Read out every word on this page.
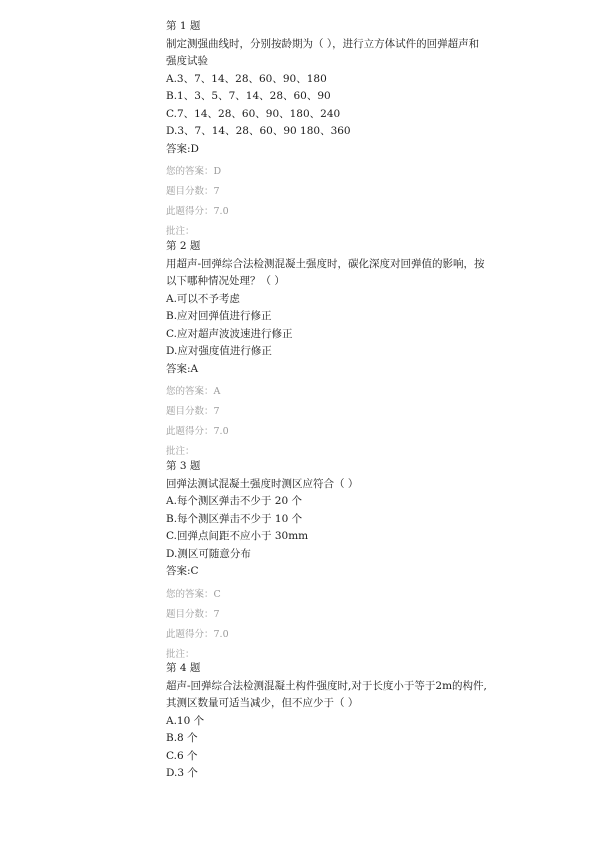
第 1 题
制定测强曲线时，分别按龄期为（ ），进行立方体试件的回弹超声和
强度试验
A.3、7、14、28、60、90、180
B.1、3、5、7、14、28、60、90
C.7、14、28、60、90、180、240
D.3、7、14、28、60、90 180、360
答案:D
您的答案：D
题目分数：7
此题得分：7.0
批注：
第 2 题
用超声-回弹综合法检测混凝土强度时，碳化深度对回弹值的影响，按
以下哪种情况处理？（ ）
A.可以不予考虑
B.应对回弹值进行修正
C.应对超声波波速进行修正
D.应对强度值进行修正
答案:A
您的答案：A
题目分数：7
此题得分：7.0
批注：
第 3 题
回弹法测试混凝土强度时测区应符合（ ）
A.每个测区弹击不少于 20 个
B.每个测区弹击不少于 10 个
C.回弹点间距不应小于 30mm
D.测区可随意分布
答案:C
您的答案：C
题目分数：7
此题得分：7.0
批注：
第 4 题
超声-回弹综合法检测混凝土构件强度时,对于长度小于等于2m的构件,
其测区数量可适当减少，但不应少于（ ）
A.10 个
B.8 个
C.6 个
D.3 个
